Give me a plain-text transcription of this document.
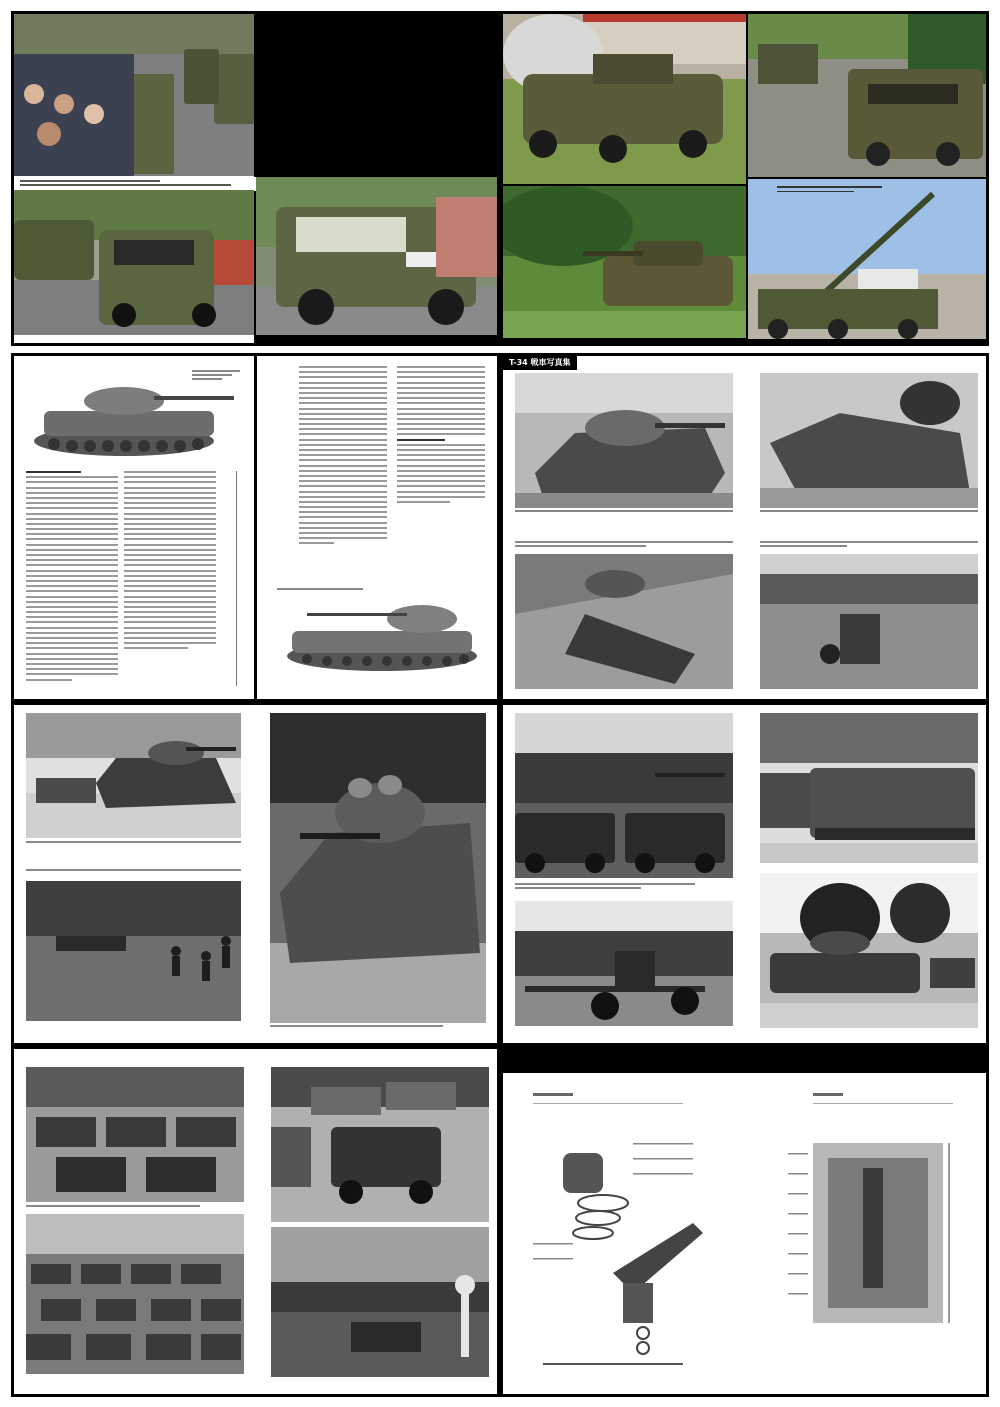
T-34 戦車写真集
